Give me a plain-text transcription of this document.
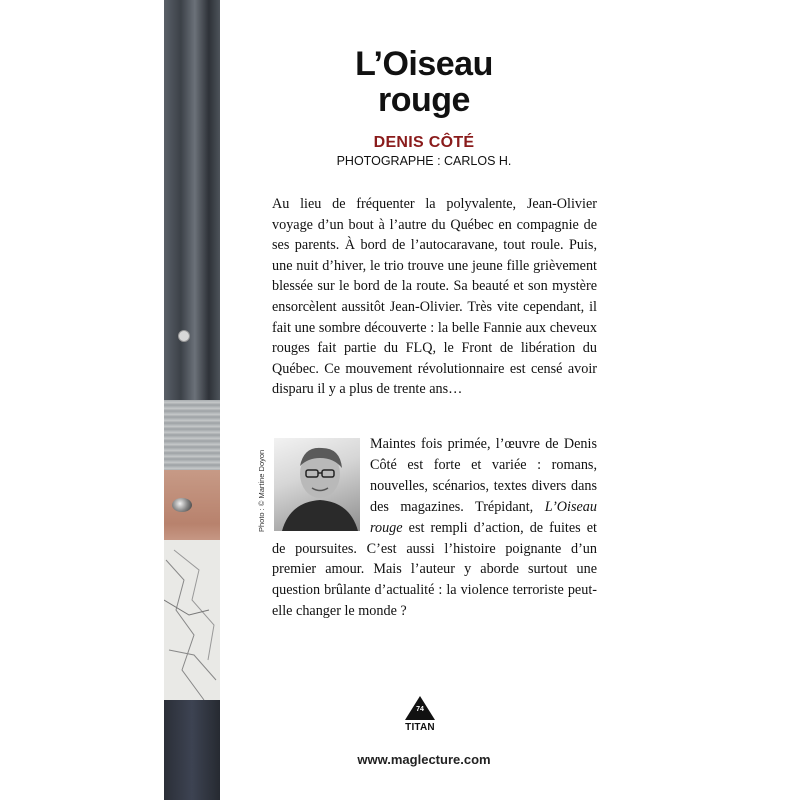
L’Oiseau
rouge
DENIS CÔTÉ
PHOTOGRAPHE : CARLOS H.

Au lieu de fréquenter la polyvalente, Jean-Olivier voyage d’un bout à l’autre du Québec en compagnie de ses parents. À bord de l’autocaravane, tout roule. Puis, une nuit d’hiver, le trio trouve une jeune fille grièvement blessée sur le bord de la route. Sa beauté et son mystère ensorcèlent aussitôt Jean-Olivier. Très vite cependant, il fait une sombre découverte : la belle Fannie aux cheveux rouges fait partie du FLQ, le Front de libération du Québec. Ce mouvement révolutionnaire est censé avoir disparu il y a plus de trente ans…

Maintes fois primée, l’œuvre de Denis Côté est forte et variée : romans, nouvelles, scénarios, textes divers dans des magazines. Trépidant, L’Oiseau rouge est rempli d’action, de fuites et de poursuites. C’est aussi l’histoire poignante d’un premier amour. Mais l’auteur y aborde surtout une question brûlante d’actualité : la violence terroriste peut-elle changer le monde ?

Photo : © Martine Doyon
74
TITAN
www.maglecture.com
